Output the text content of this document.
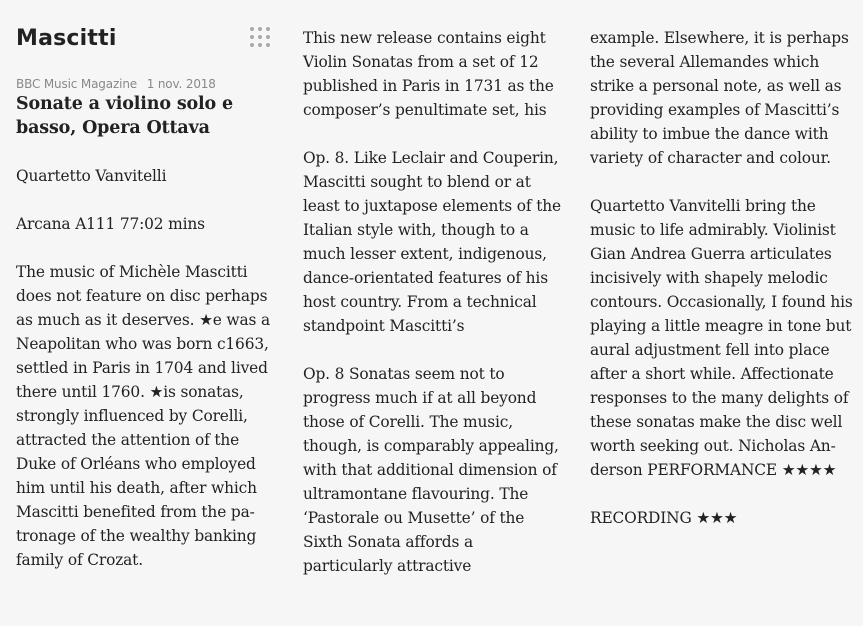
Mascitti
BBC Music Magazine 1 nov. 2018

Sonate a violino solo e basso, Opera Ottava

Quartetto Vanvitelli

Arcana A111 77:02 mins

The music of Michèle Mascitti does not feature on disc perhaps as much as it deserves. ★e was a Neapolitan who was born c1663, settled in Paris in 1704 and lived there until 1760. ★is sonatas, strongly influenced by Corelli, attracted the attention of the Duke of Orléans who employed him until his death, after which Mascitti benefited from the patronage of the wealthy banking family of Crozat.

This new release contains eight Violin Sonatas from a set of 12 published in Paris in 1731 as the composer’s penultimate set, his

Op. 8. Like Leclair and Couperin, Mascitti sought to blend or at least to juxtapose elements of the Italian style with, though to a much lesser extent, indigenous, dance-orientated features of his host country. From a technical standpoint Mascitti’s

Op. 8 Sonatas seem not to progress much if at all beyond those of Corelli. The music, though, is comparably appealing, with that additional dimension of ultramontane flavouring. The ‘Pastorale ou Musette’ of the Sixth Sonata affords a particularly attractive

example. Elsewhere, it is perhaps the several Allemandes which strike a personal note, as well as providing examples of Mascitti’s ability to imbue the dance with variety of character and colour.

Quartetto Vanvitelli bring the music to life admirably. Violinist Gian Andrea Guerra articulates incisively with shapely melodic contours. Occasionally, I found his playing a little meagre in tone but aural adjustment fell into place after a short while. Affectionate responses to the many delights of these sonatas make the disc well worth seeking out. Nicholas Anderson PERFORMANCE ★★★★

RECORDING ★★★
